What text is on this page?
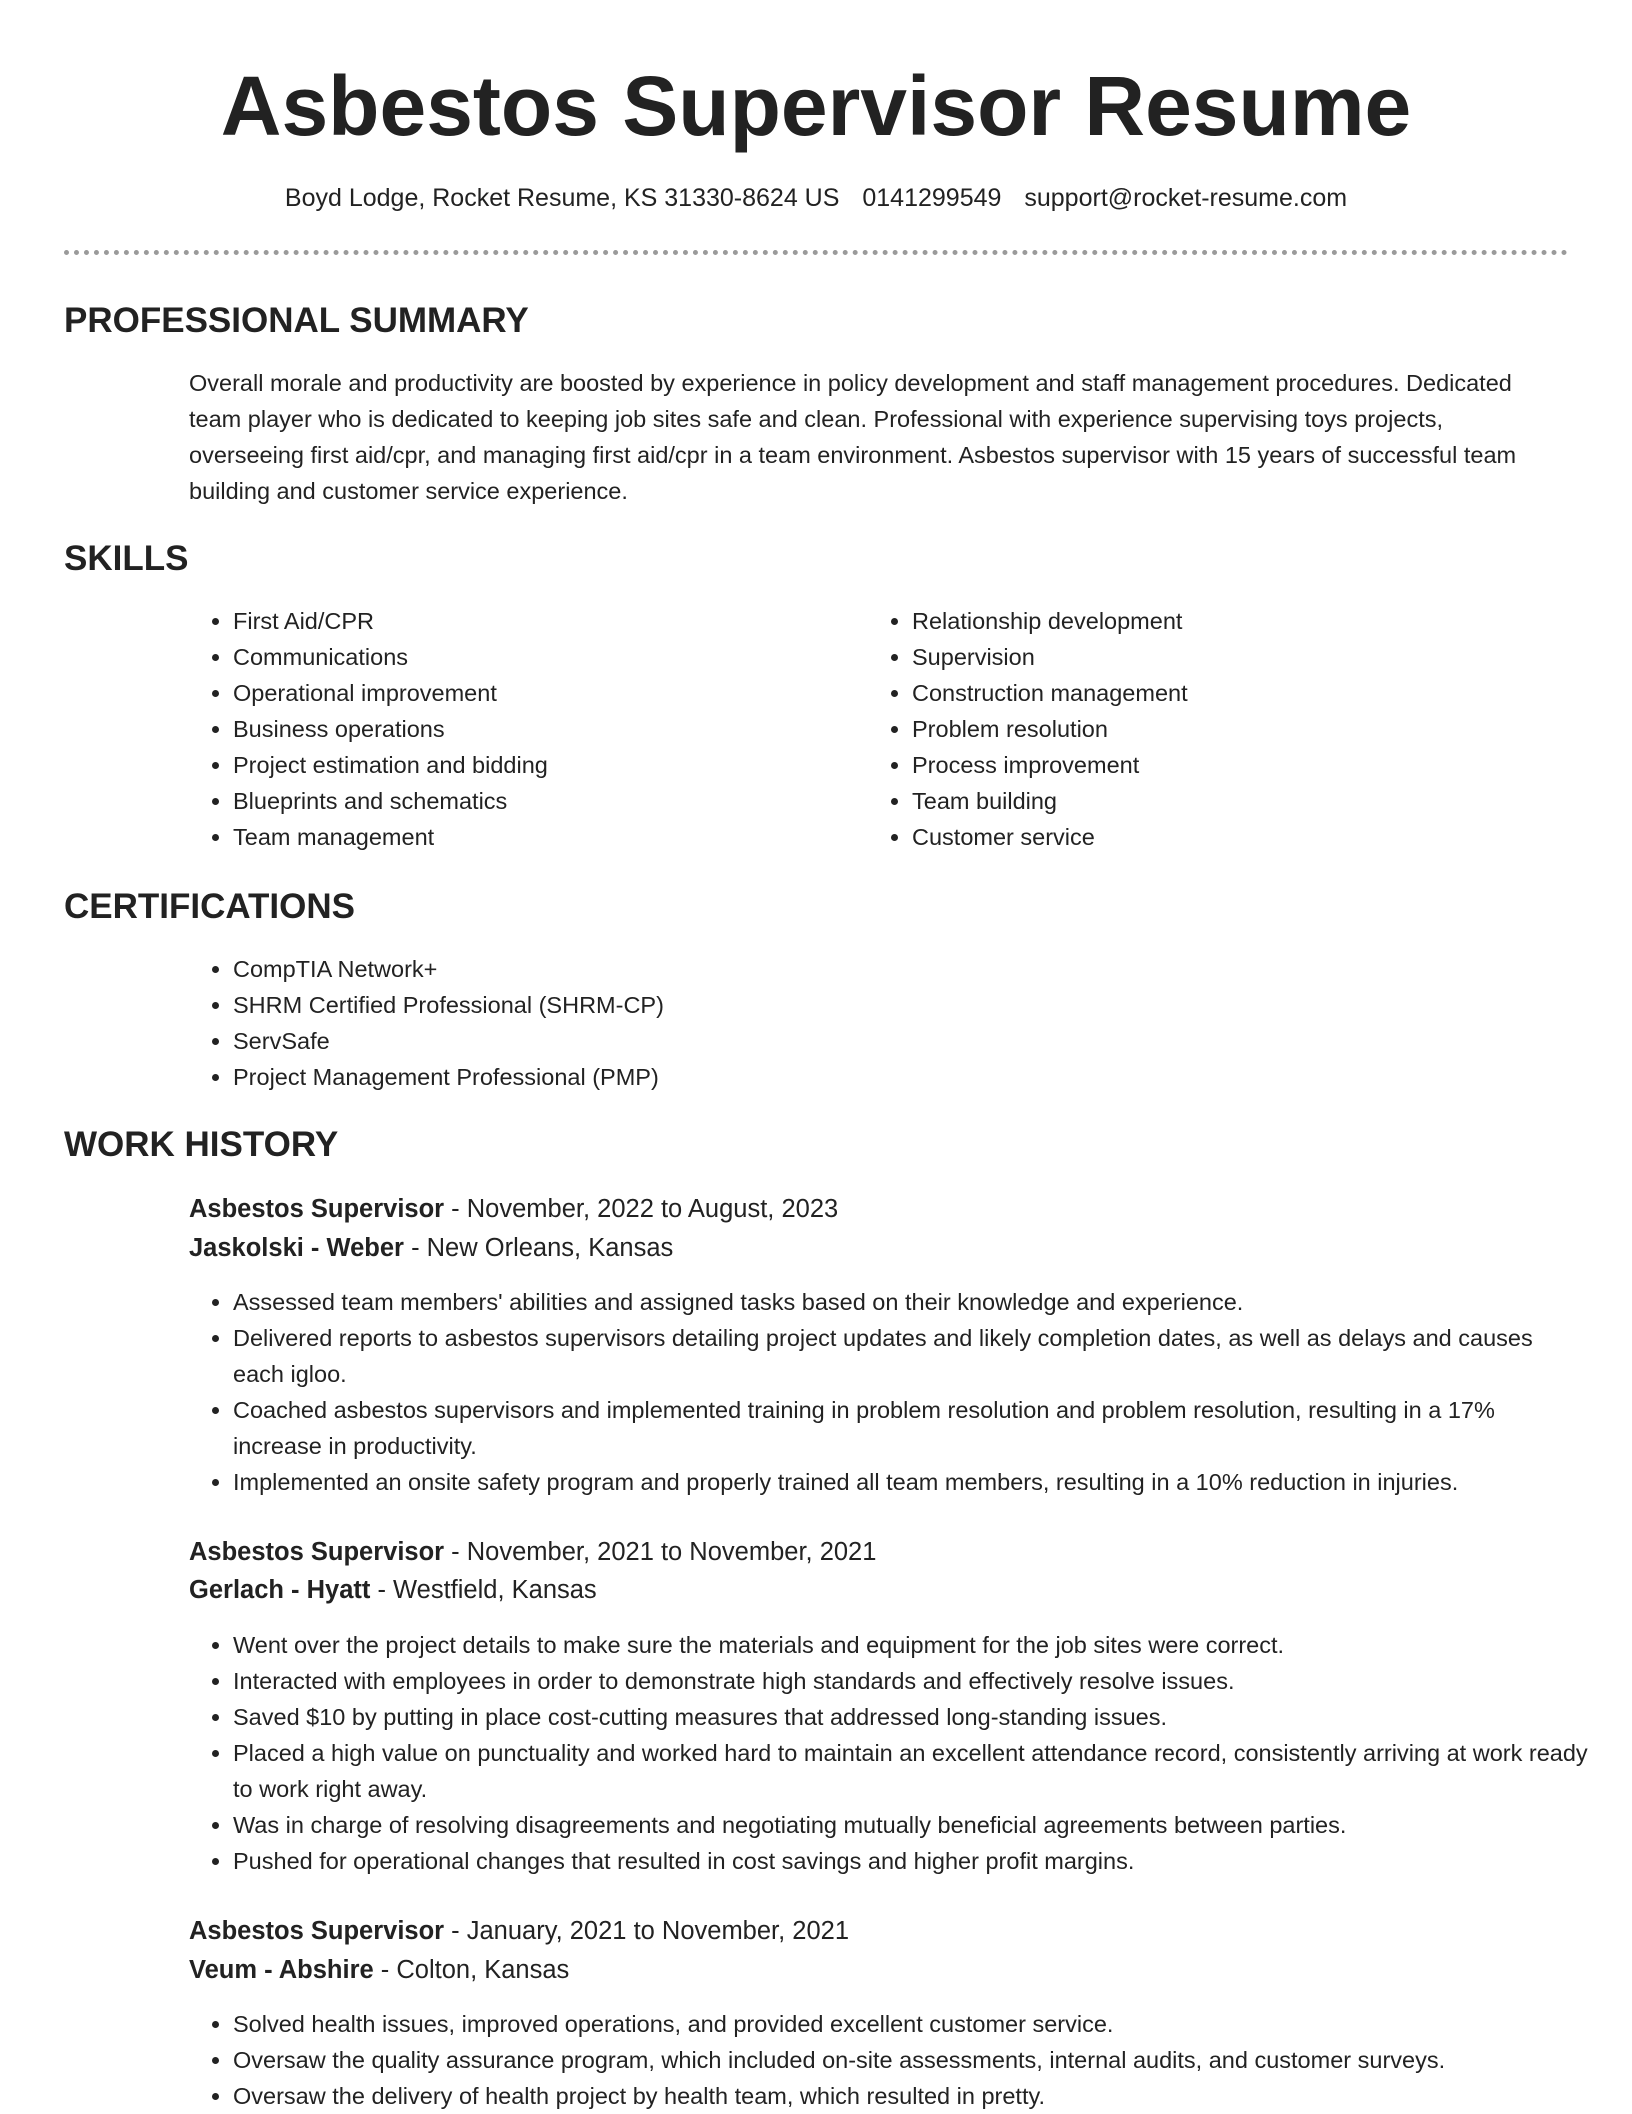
Asbestos Supervisor Resume
Boyd Lodge, Rocket Resume, KS 31330-8624 US 0141299549 support@rocket-resume.com
PROFESSIONAL SUMMARY

Overall morale and productivity are boosted by experience in policy development and staff management procedures. Dedicated team player who is dedicated to keeping job sites safe and clean. Professional with experience supervising toys projects, overseeing first aid/cpr, and managing first aid/cpr in a team environment. Asbestos supervisor with 15 years of successful team building and customer service experience.

SKILLS
• First Aid/CPR
• Communications
• Operational improvement
• Business operations
• Project estimation and bidding
• Blueprints and schematics
• Team management
• Relationship development
• Supervision
• Construction management
• Problem resolution
• Process improvement
• Team building
• Customer service
CERTIFICATIONS
• CompTIA Network+
• SHRM Certified Professional (SHRM-CP)
• ServSafe
• Project Management Professional (PMP)
WORK HISTORY
Asbestos Supervisor - November, 2022 to August, 2023
Jaskolski - Weber - New Orleans, Kansas
• Assessed team members' abilities and assigned tasks based on their knowledge and experience.
• Delivered reports to asbestos supervisors detailing project updates and likely completion dates, as well as delays and causes each igloo.
• Coached asbestos supervisors and implemented training in problem resolution and problem resolution, resulting in a 17% increase in productivity.
• Implemented an onsite safety program and properly trained all team members, resulting in a 10% reduction in injuries.
Asbestos Supervisor - November, 2021 to November, 2021
Gerlach - Hyatt - Westfield, Kansas
• Went over the project details to make sure the materials and equipment for the job sites were correct.
• Interacted with employees in order to demonstrate high standards and effectively resolve issues.
• Saved $10 by putting in place cost-cutting measures that addressed long-standing issues.
• Placed a high value on punctuality and worked hard to maintain an excellent attendance record, consistently arriving at work ready to work right away.
• Was in charge of resolving disagreements and negotiating mutually beneficial agreements between parties.
• Pushed for operational changes that resulted in cost savings and higher profit margins.
Asbestos Supervisor - January, 2021 to November, 2021
Veum - Abshire - Colton, Kansas
• Solved health issues, improved operations, and provided excellent customer service.
• Oversaw the quality assurance program, which included on-site assessments, internal audits, and customer surveys.
• Oversaw the delivery of health project by health team, which resulted in pretty.
